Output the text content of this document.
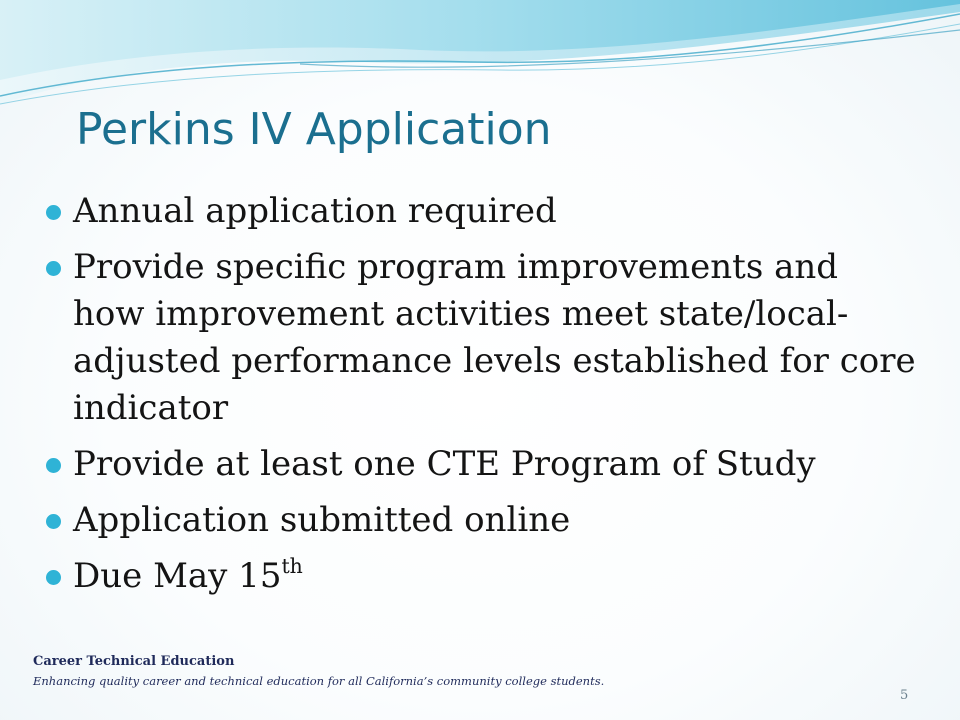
Perkins IV Application
Annual application required
Provide specific program improvements and how improvement activities meet state/local-adjusted performance levels established for core indicator
Provide at least one CTE Program of Study
Application submitted online
Due May 15th
Career Technical Education
Enhancing quality career and technical education for all California’s community college students.
5
